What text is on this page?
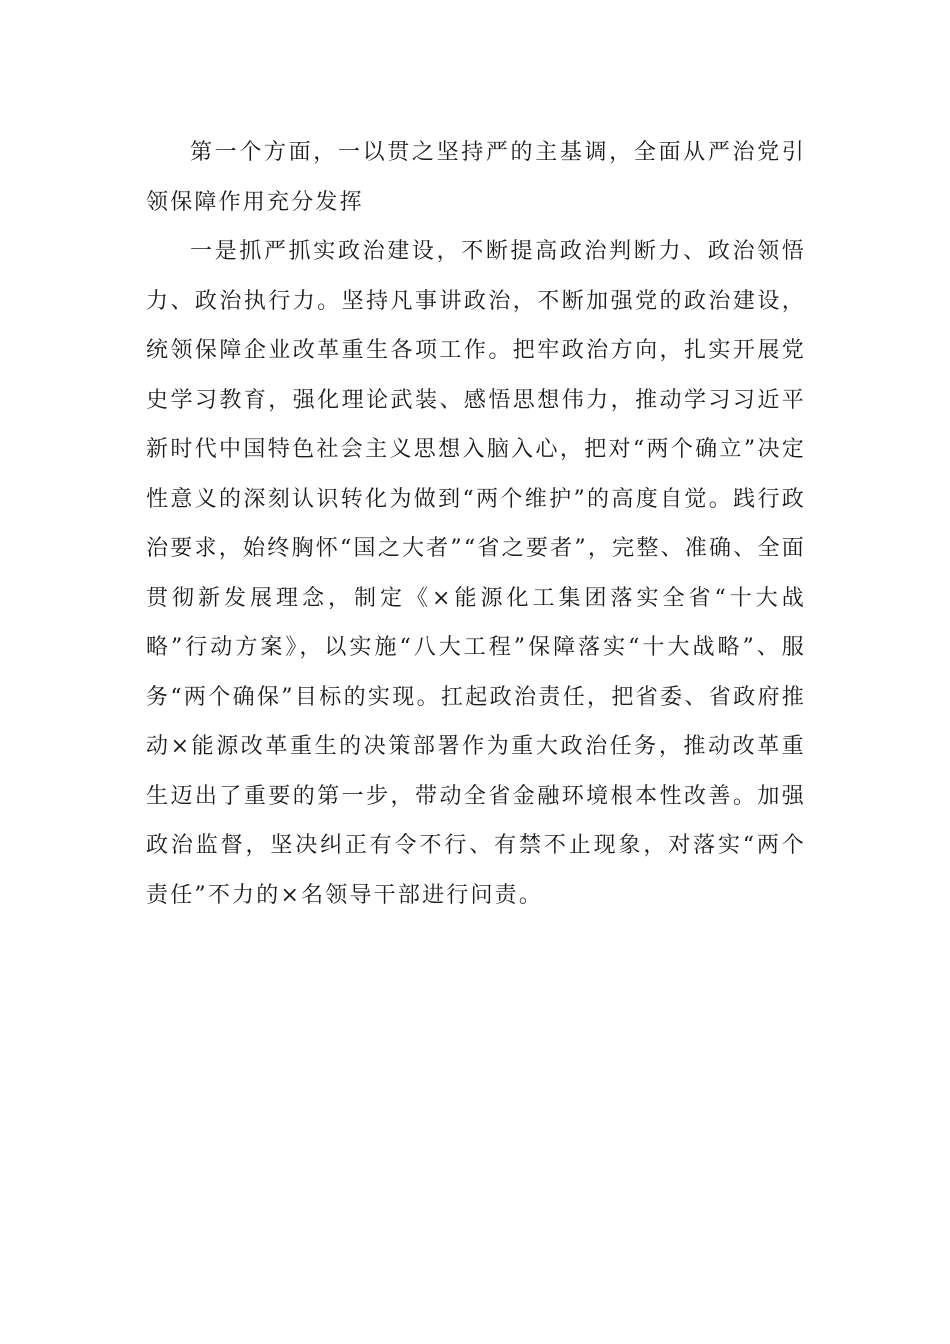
第一个方面，一以贯之坚持严的主基调，全面从严治党引领保障作用充分发挥

一是抓严抓实政治建设，不断提高政治判断力、政治领悟力、政治执行力。坚持凡事讲政治，不断加强党的政治建设，统领保障企业改革重生各项工作。把牢政治方向，扎实开展党史学习教育，强化理论武装、感悟思想伟力，推动学习习近平新时代中国特色社会主义思想入脑入心，把对“两个确立”决定性意义的深刻认识转化为做到“两个维护”的高度自觉。践行政治要求，始终胸怀“国之大者”“省之要者”，完整、准确、全面贯彻新发展理念，制定《×能源化工集团落实全省“十大战略”行动方案》，以实施“八大工程”保障落实“十大战略”、服务“两个确保”目标的实现。扛起政治责任，把省委、省政府推动×能源改革重生的决策部署作为重大政治任务，推动改革重生迈出了重要的第一步，带动全省金融环境根本性改善。加强政治监督，坚决纠正有令不行、有禁不止现象，对落实“两个责任”不力的×名领导干部进行问责。
